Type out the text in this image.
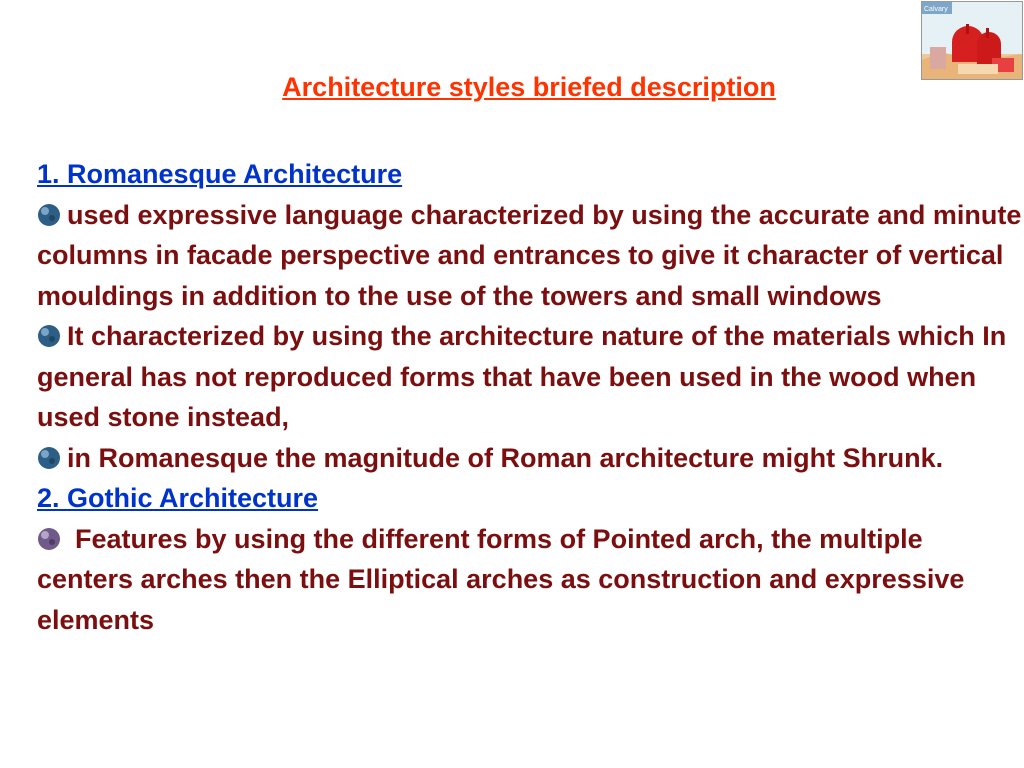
Calvary
Architecture styles briefed description
1. Romanesque Architecture
used expressive language characterized by using the accurate and minute columns in facade perspective and entrances to give it character of vertical mouldings in addition to the use of the towers and small windows
It characterized by using the architecture nature of the materials which In general has not reproduced forms that have been used in the wood when used stone instead,
in Romanesque the magnitude of Roman architecture might Shrunk.
2. Gothic Architecture
Features by using the different forms of Pointed arch, the multiple centers arches then the Elliptical arches as construction and expressive elements
